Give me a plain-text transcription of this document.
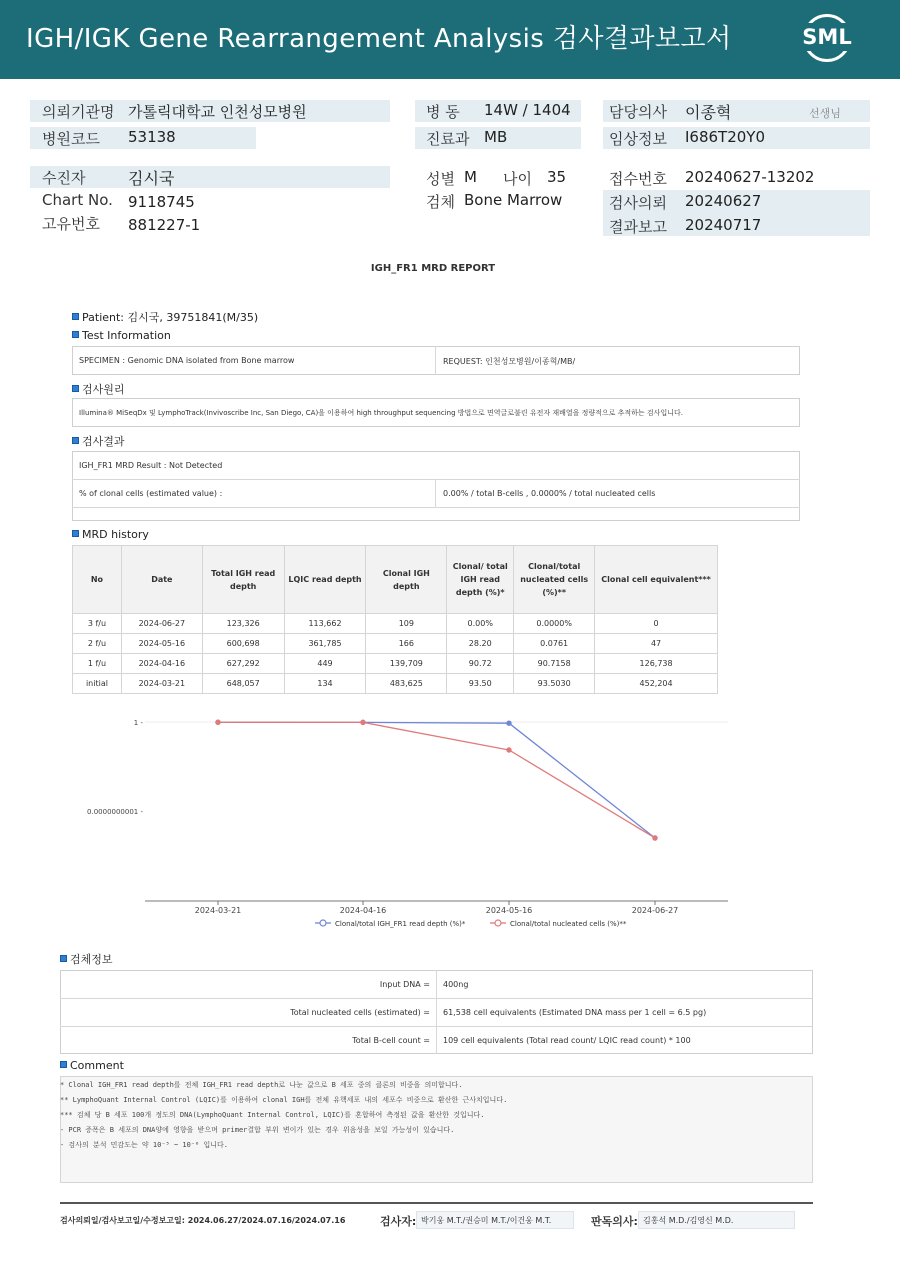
IGH/IGK Gene Rearrangement Analysis 검사결과보고서	SML
의뢰기관명 가톨릭대학교 인천성모병원
병원코드 53138
수진자	김시국
Chart No. 9118745
고유번호 881227-1
병 동 14W / 1404
진료과 MB
성별 M 나이 35
검체 Bone Marrow
담당의사 이종혁	선생님
임상정보 I686T20Y0
접수번호 20240627-13202
검사의뢰 20240627
결과보고 20240717
IGH_FR1 MRD REPORT
Patient: 김시국, 39751841(M/35)
Test Information
SPECIMEN : Genomic DNA isolated from Bone marrow	REQUEST: 인천성모병원/이종혁/MB/
검사원리
Illumina® MiSeqDx 및 LymphoTrack(Invivoscribe Inc, San Diego, CA)을 이용하여 high throughput sequencing 방법으로 면역글로불린 유전자 재배열을 정량적으로 추적하는 검사입니다.
검사결과
IGH_FR1 MRD Result : Not Detected
% of clonal cells (estimated value) :	0.00% / total B-cells , 0.0000% / total nucleated cells
MRD history
No	Date	Total IGH read depth	LQIC read depth	Clonal IGH depth	Clonal/ total IGH read depth (%)*	Clonal/total nucleated cells (%)**	Clonal cell equivalent***
3 f/u	2024-06-27	123,326	113,662	109	0.00%	0.0000%	0
2 f/u	2024-05-16	600,698	361,785	166	28.20	0.0761	47
1 f/u	2024-04-16	627,292	449	139,709	90.72	90.7158	126,738
initial	2024-03-21	648,057	134	483,625	93.50	93.5030	452,204
2024-03-21	2024-04-16	2024-05-16	2024-06-27
1 -
0.0000000001 -
Clonal/total IGH_FR1 read depth (%)*	Clonal/total nucleated cells (%)**
검체정보
Input DNA = 400ng
Total nucleated cells (estimated) = 61,538 cell equivalents (Estimated DNA mass per 1 cell = 6.5 pg)
Total B-cell count = 109 cell equivalents (Total read count/ LQIC read count) * 100
Comment
* Clonal IGH_FR1 read depth를 전체 IGH_FR1 read depth로 나눈 값으로 B 세포 중의 클론의 비중을 의미합니다.
** LymphoQuant Internal Control (LQIC)를 이용하여 clonal IGH를 전체 유핵세포 내의 세포수 비중으로 환산한 근사치입니다.
*** 검체 당 B 세포 100개 정도의 DNA(LymphoQuant Internal Control, LQIC)를 혼합하여 측정된 값을 환산한 것입니다.
- PCR 증폭은 B 세포의 DNA양에 영향을 받으며 primer결합 부위 변이가 있는 경우 위음성을 보일 가능성이 있습니다.
- 검사의 분석 민감도는 약 10⁻⁵ ~ 10⁻⁶ 입니다.
검사의뢰일/검사보고일/수정보고일: 2024.06.27/2024.07.16/2024.07.16	검사자: 박기웅 M.T./권승미 M.T./이건웅 M.T.	판독의사: 김홍석 M.D./김영신 M.D.
